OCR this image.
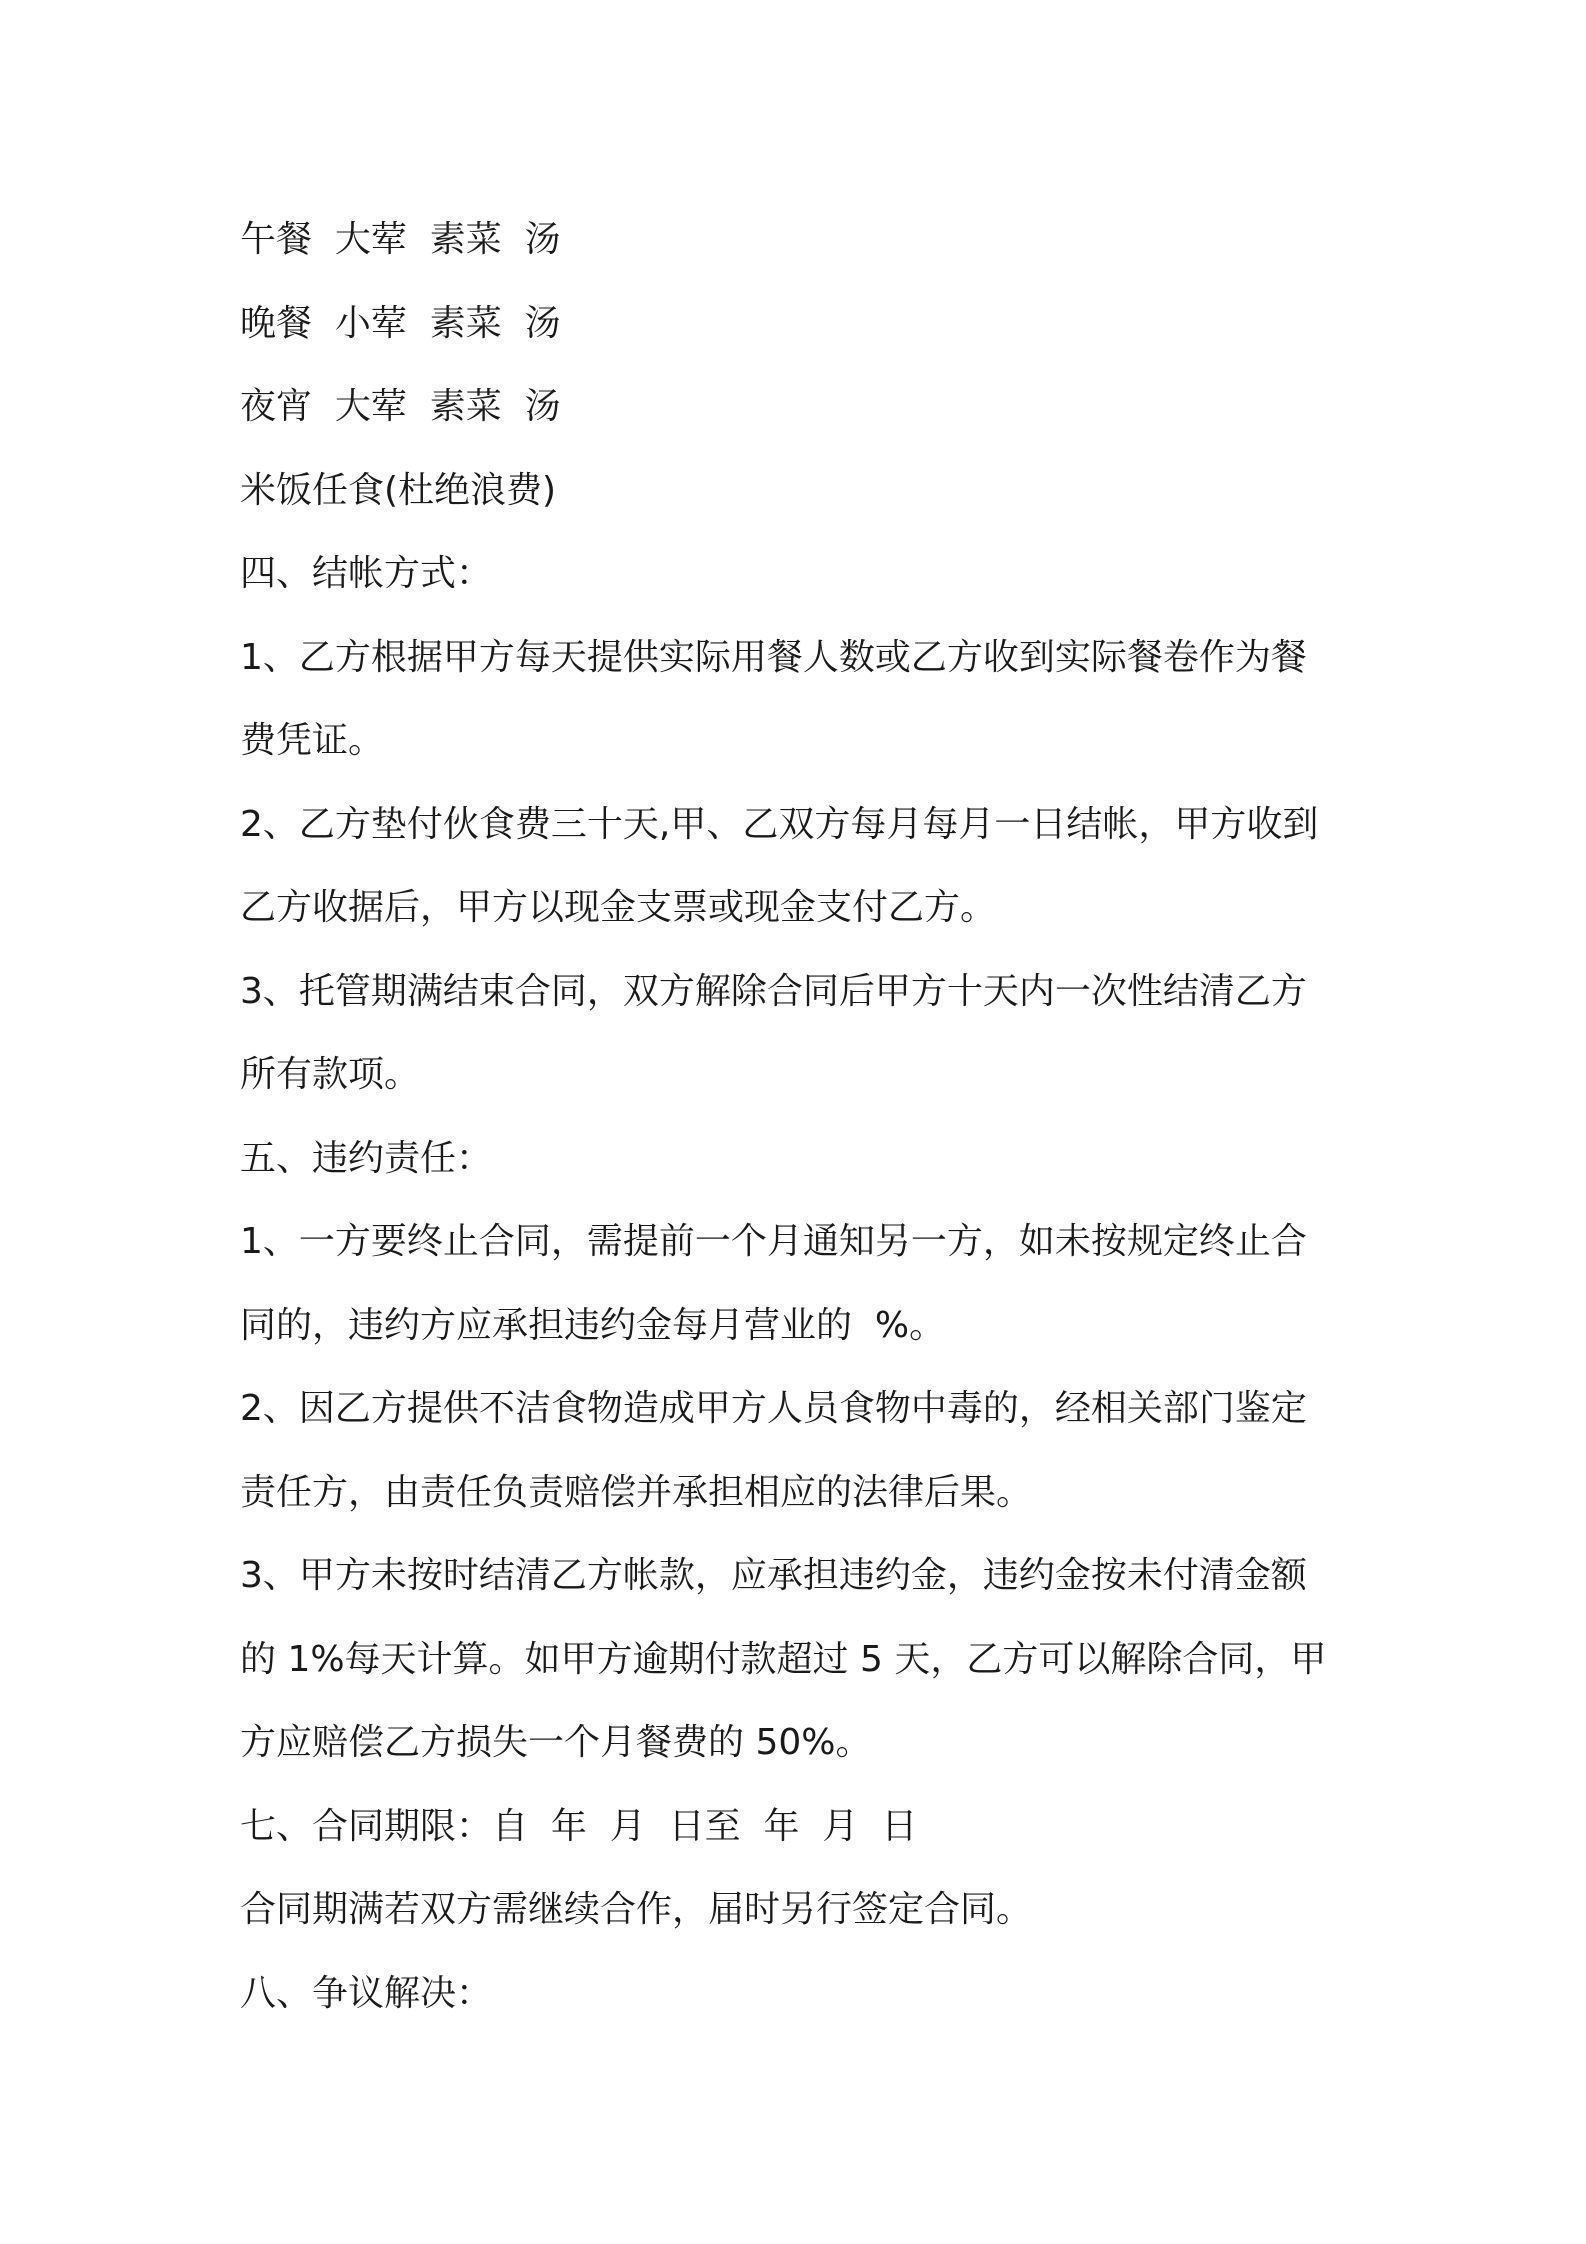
午餐  大荤  素菜  汤

晚餐  小荤  素菜  汤

夜宵  大荤  素菜  汤

米饭任食(杜绝浪费)

四、结帐方式：

1、乙方根据甲方每天提供实际用餐人数或乙方收到实际餐卷作为餐

费凭证。

2、乙方垫付伙食费三十天,甲、乙双方每月每月一日结帐，甲方收到

乙方收据后，甲方以现金支票或现金支付乙方。

3、托管期满结束合同，双方解除合同后甲方十天内一次性结清乙方

所有款项。

五、违约责任：

1、一方要终止合同，需提前一个月通知另一方，如未按规定终止合

同的，违约方应承担违约金每月营业的  %。

2、因乙方提供不洁食物造成甲方人员食物中毒的，经相关部门鉴定

责任方，由责任负责赔偿并承担相应的法律后果。

3、甲方未按时结清乙方帐款，应承担违约金，违约金按未付清金额

的 1%每天计算。如甲方逾期付款超过 5 天，乙方可以解除合同，甲

方应赔偿乙方损失一个月餐费的 50%。

七、合同期限：自  年  月  日至  年  月  日

合同期满若双方需继续合作，届时另行签定合同。

八、争议解决：
